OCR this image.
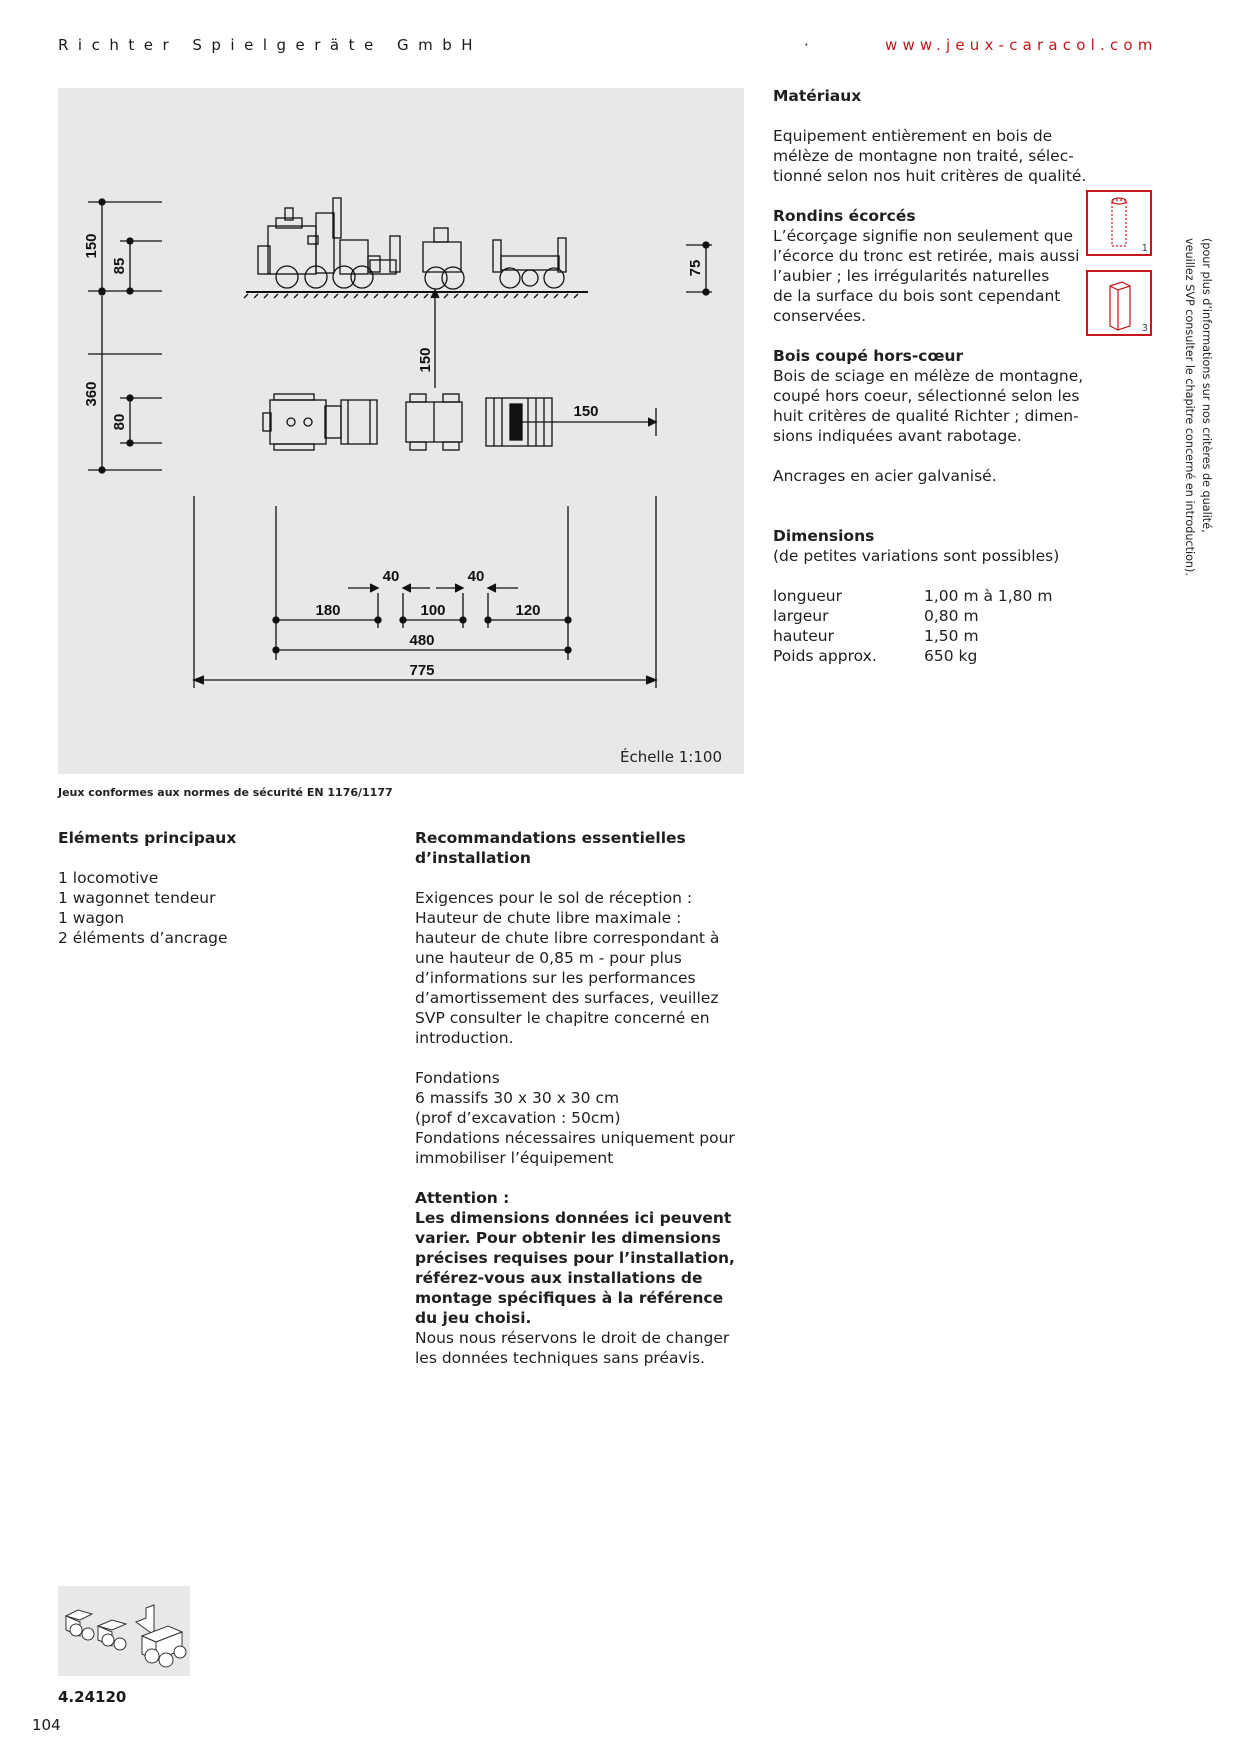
Richter Spielgeräte GmbH	·	www.jeux-caracol.com
150
85	75
360
80
150
150
40	40
180	100	120
480
775
Échelle 1:100
Jeux conformes aux normes de sécurité EN 1176/1177
Matériaux
Equipement entièrement en bois de
mélèze de montagne non traité, sélec-
tionné selon nos huit critères de qualité.
Rondins écorcés
L’écorçage signifie non seulement que
l’écorce du tronc est retirée, mais aussi
l’aubier ; les irrégularités naturelles
de la surface du bois sont cependant
conservées.
Bois coupé hors-cœur
Bois de sciage en mélèze de montagne,
coupé hors coeur, sélectionné selon les
huit critères de qualité Richter ; dimen-
sions indiquées avant rabotage.
Ancrages en acier galvanisé.
Dimensions
(de petites variations sont possibles)
longueur	1,00 m à 1,80 m
largeur	0,80 m
hauteur	1,50 m
Poids approx.	650 kg
1
3	(pour plus d’informations sur nos critères de qualité,
veuillez SVP consulter le chapitre concerné en introduction).
Eléments principaux
1 locomotive
1 wagonnet tendeur
1 wagon
2 éléments d’ancrage
Recommandations essentielles
d’installation
Exigences pour le sol de réception :
Hauteur de chute libre maximale :
hauteur de chute libre correspondant à
une hauteur de 0,85 m - pour plus
d’informations sur les performances
d’amortissement des surfaces, veuillez
SVP consulter le chapitre concerné en
introduction.
Fondations
6 massifs 30 x 30 x 30 cm
(prof d’excavation : 50cm)
Fondations nécessaires uniquement pour
immobiliser l’équipement
Attention :
Les dimensions données ici peuvent
varier. Pour obtenir les dimensions
précises requises pour l’installation,
référez-vous aux installations de
montage spécifiques à la référence
du jeu choisi.
Nous nous réservons le droit de changer
les données techniques sans préavis.
4.24120
104
